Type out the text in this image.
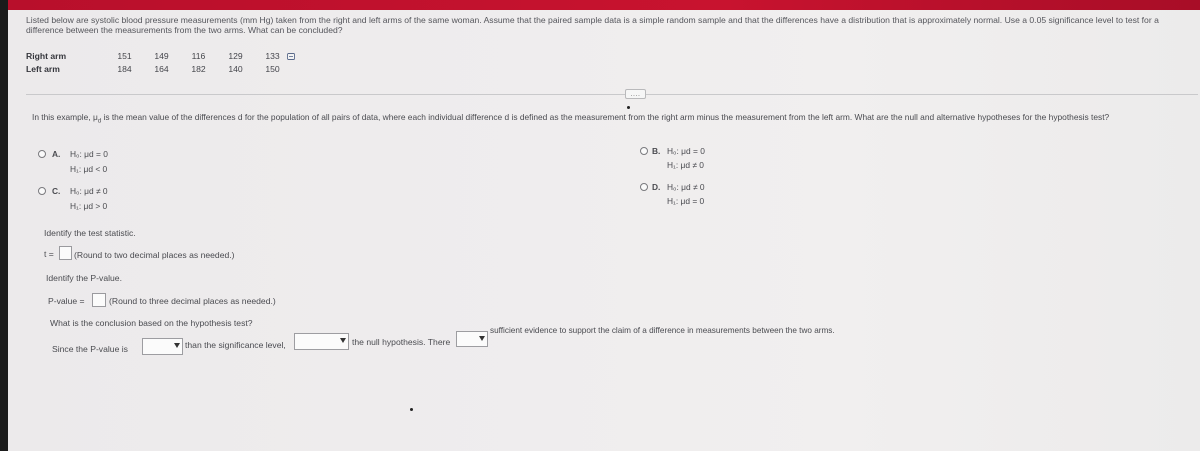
Listed below are systolic blood pressure measurements (mm Hg) taken from the right and left arms of the same woman. Assume that the paired sample data is a simple random sample and that the differences have a distribution that is approximately normal. Use a 0.05 significance level to test for a difference between the measurements from the two arms. What can be concluded?
Right arm	151	149	116	129	133
Left arm	184	164	182	140	150
....
In this example, $\mu_d$ is the mean value of the differences d for the population of all pairs of data, where each individual difference d is defined as the measurement from the right arm minus the measurement from the left arm. What are the null and alternative hypotheses for the hypothesis test?
A. H₀: μd = 0
H₁: μd < 0
C. H₀: μd ≠ 0
H₁: μd > 0
B. H₀: μd = 0
H₁: μd ≠ 0
D. H₀: μd ≠ 0
H₁: μd = 0
Identify the test statistic.
t = (Round to two decimal places as needed.)
Identify the P-value.
P-value =	(Round to three decimal places as needed.)
What is the conclusion based on the hypothesis test?
Since the P-value is	than the significance level,	the null hypothesis. There
sufficient evidence to support the claim of a difference in measurements between the two arms.
